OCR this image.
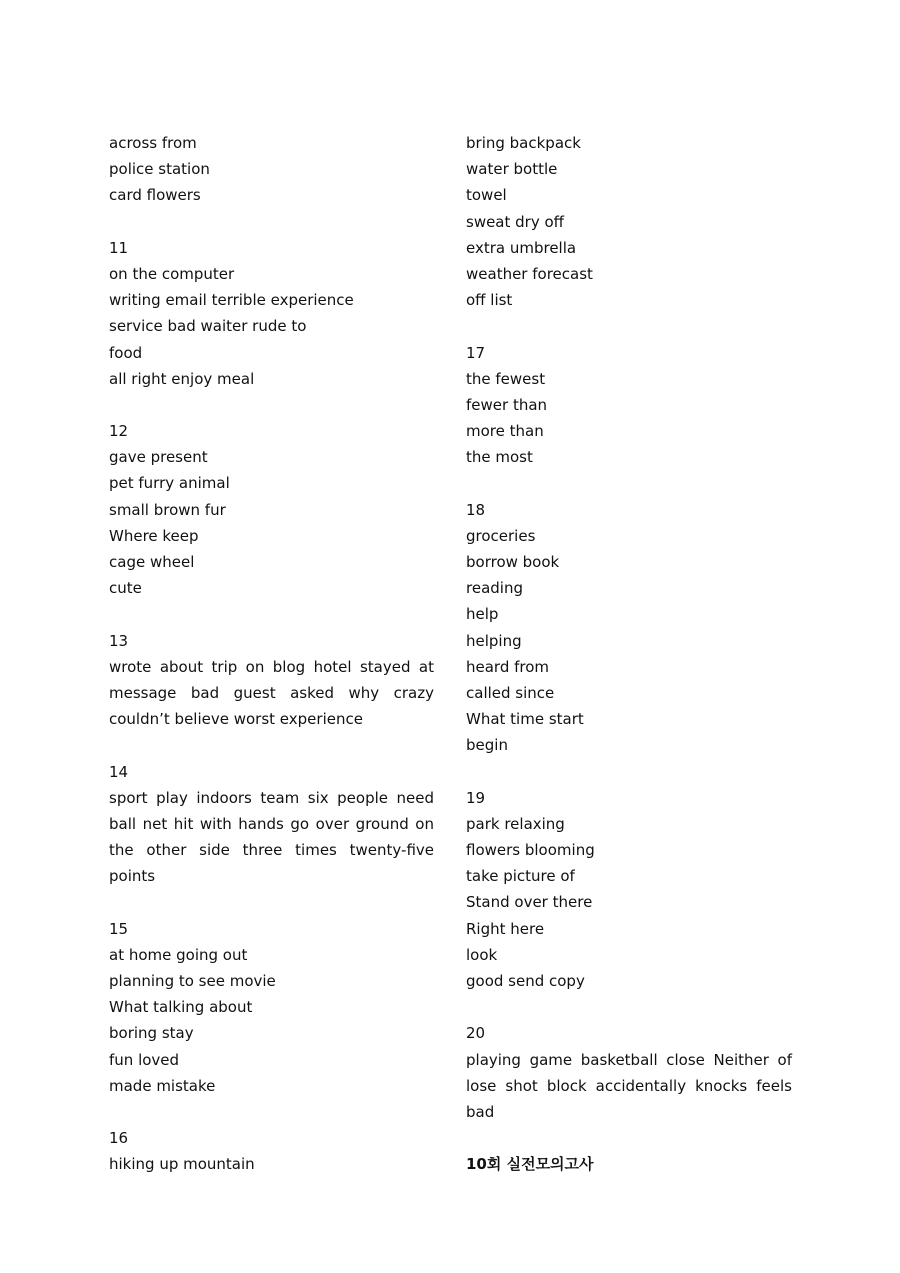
across from
police station
card flowers
11
on the computer
writing email terrible experience
service bad waiter rude to
food
all right enjoy meal
12
gave present
pet furry animal
small brown fur
Where keep
cage wheel
cute
13

wrote about trip on blog hotel stayed at message bad guest asked why crazy couldn’t believe worst experience

14

sport play indoors team six people need ball net hit with hands go over ground on the other side three times twenty-five points

15
at home going out
planning to see movie
What talking about
boring stay
fun loved
made mistake
16
hiking up mountain
bring backpack
water bottle
towel
sweat dry off
extra umbrella
weather forecast
off list
17
the fewest
fewer than
more than
the most
18
groceries
borrow book
reading
help
helping
heard from
called since
What time start
begin
19
park relaxing
flowers blooming
take picture of
Stand over there
Right here
look
good send copy
20

playing game basketball close Neither of lose shot block accidentally knocks feels bad

10회 실전모의고사
